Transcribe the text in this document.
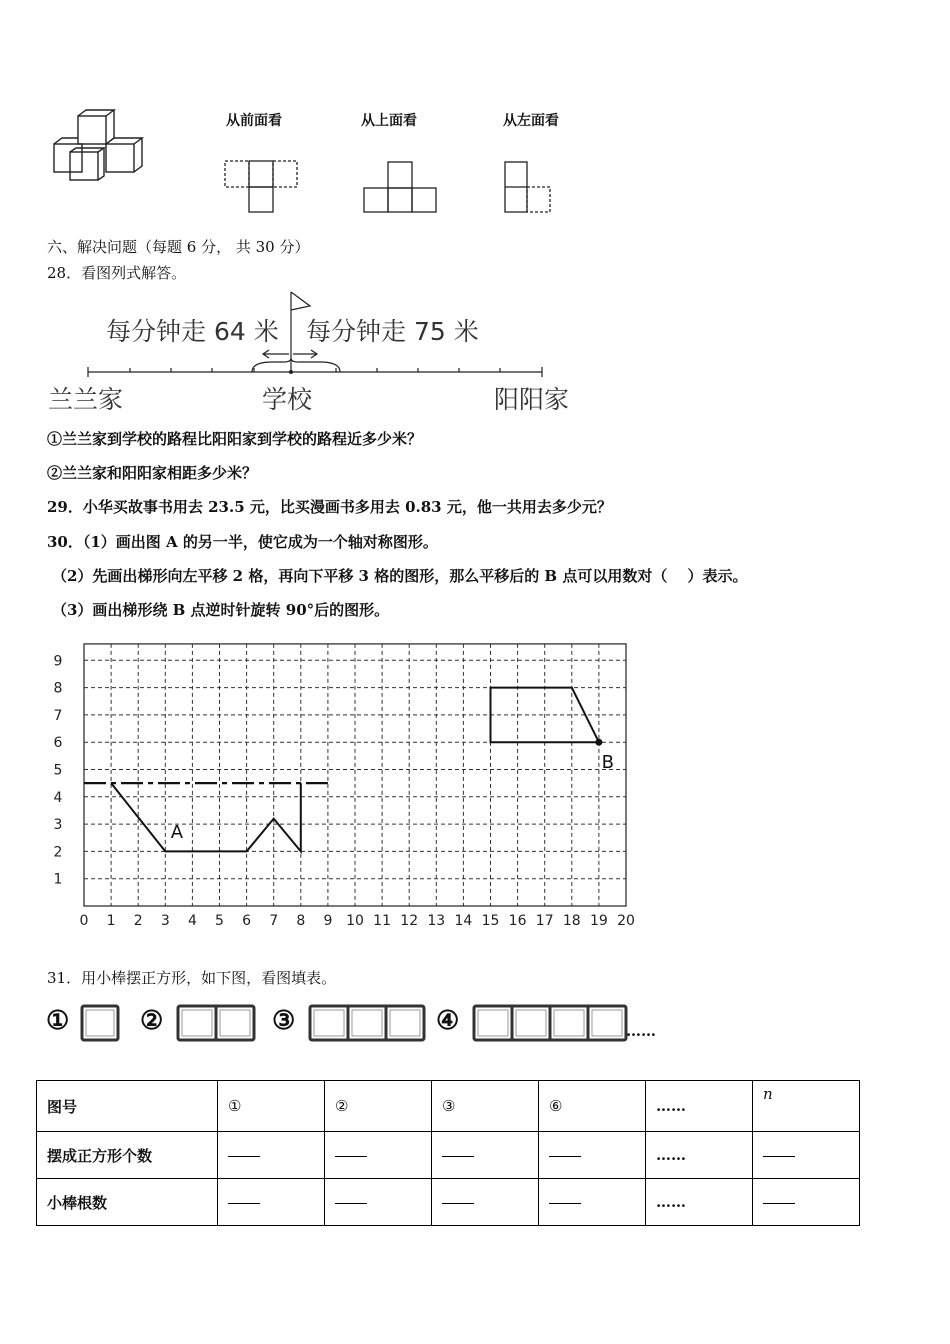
从前面看	从上面看	从左面看
六、解决问题（每题 6 分， 共 30 分）
28．看图列式解答。
每分钟走 64 米 每分钟走 75 米
兰兰家	学校	阳阳家
①兰兰家到学校的路程比阳阳家到学校的路程近多少米？
②兰兰家和阳阳家相距多少米？
29．小华买故事书用去 23.5 元，比买漫画书多用去 0.83 元，他一共用去多少元？
30．（1）画出图 A 的另一半，使它成为一个轴对称图形。
（2）先画出梯形向左平移 2 格，再向下平移 3 格的图形，那么平移后的 B 点可以用数对（　 ）表示。
（3）画出梯形绕 B 点逆时针旋转 90°后的图形。
0 1 2 3 4 5 6 7 8 9 10 11 12 13 14 15 16 17 18 19 20
1
2
3
4
5
6
7
8
9
A
B
31．用小棒摆正方形，如下图，看图填表。
①	②	③	④	……
图号	①	②	③	⑥	……	n
摆成正方形个数					……	
小棒根数					……	
